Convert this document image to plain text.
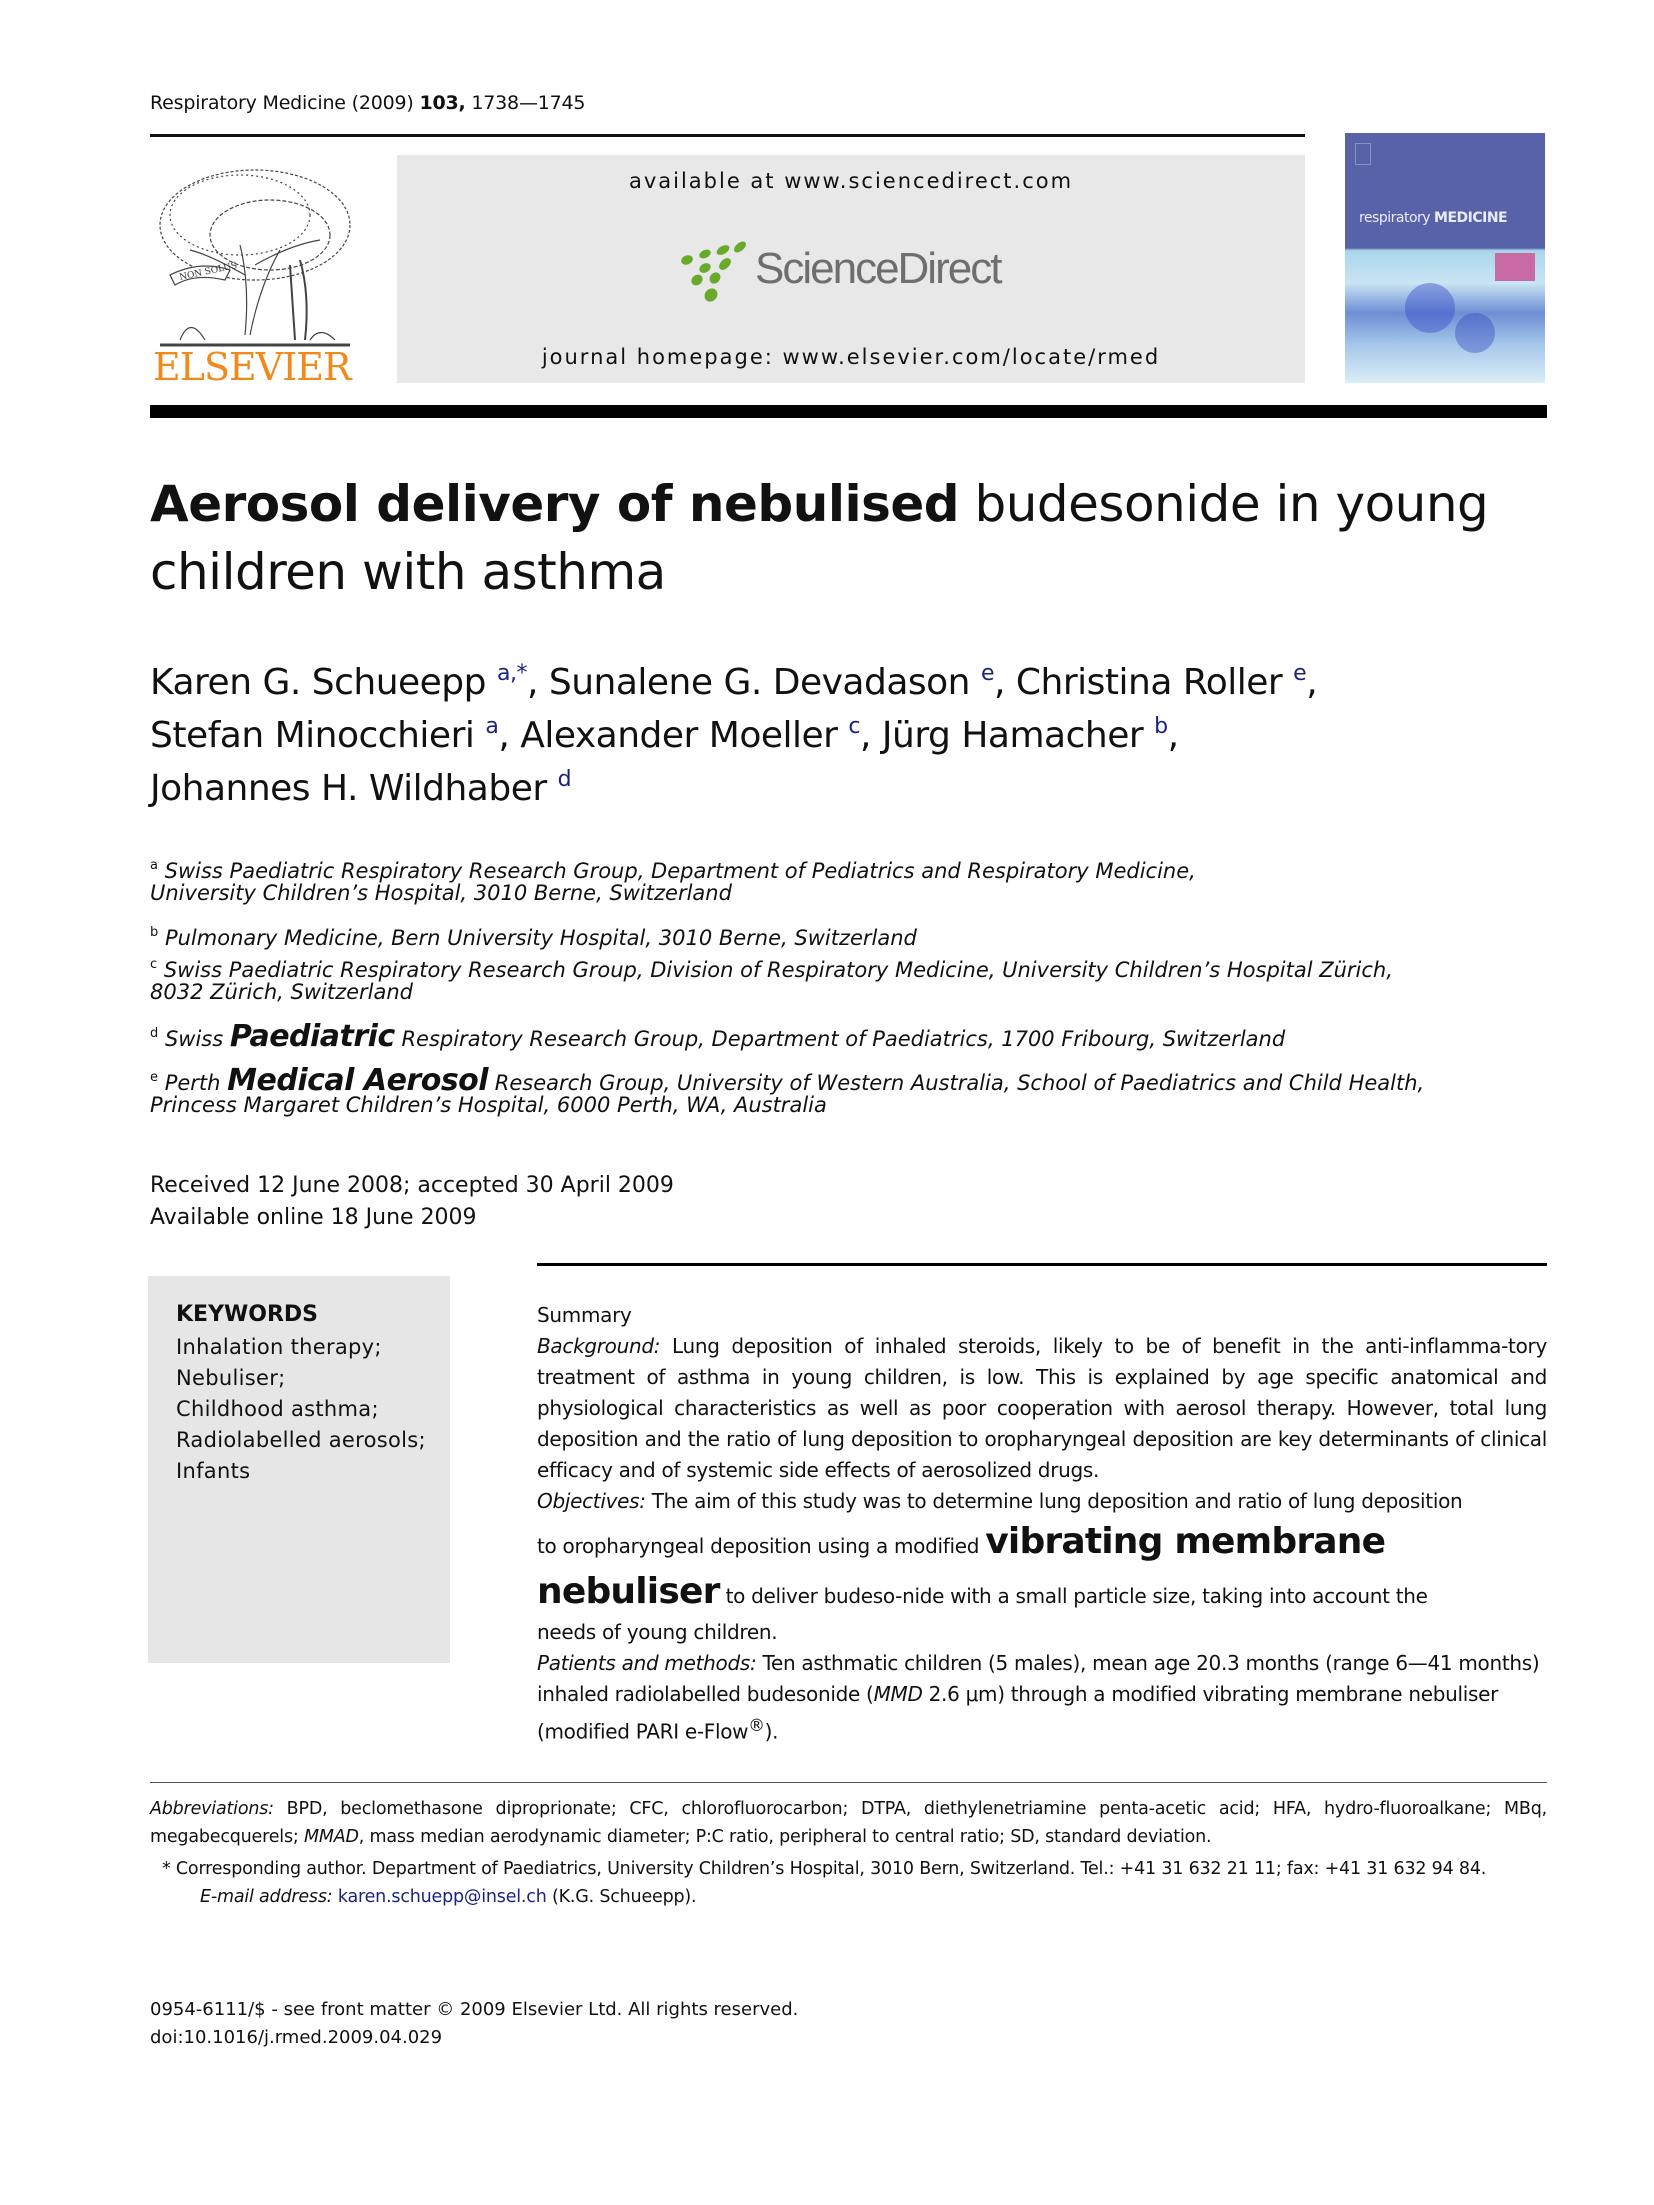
Respiratory Medicine (2009) 103, 1738—1745
NON SOLUS
ELSEVIER
available at www.sciencedirect.com
ScienceDirect
journal homepage: www.elsevier.com/locate/rmed
respiratory MEDICINE
Aerosol delivery of nebulised budesonide in young
children with asthma
Karen G. Schueepp $^{a,*}$, Sunalene G. Devadason $^e$, Christina Roller $^e$,
Stefan Minocchieri $^a$, Alexander Moeller $^c$, Jürg Hamacher $^b$,
Johannes H. Wildhaber $^d$
$^a$ Swiss Paediatric Respiratory Research Group, Department of Pediatrics and Respiratory Medicine,
University Children’s Hospital, 3010 Berne, Switzerland
$^b$ Pulmonary Medicine, Bern University Hospital, 3010 Berne, Switzerland
$^c$ Swiss Paediatric Respiratory Research Group, Division of Respiratory Medicine, University Children’s Hospital Zürich,
8032 Zürich, Switzerland
$^d$ Swiss Paediatric Respiratory Research Group, Department of Paediatrics, 1700 Fribourg, Switzerland
$^e$ Perth Medical Aerosol Research Group, University of Western Australia, School of Paediatrics and Child Health,
Princess Margaret Children’s Hospital, 6000 Perth, WA, Australia
Received 12 June 2008; accepted 30 April 2009
Available online 18 June 2009
KEYWORDS
Inhalation therapy;
Nebuliser;
Childhood asthma;
Radiolabelled aerosols;
Infants

Summary

Background: Lung deposition of inhaled steroids, likely to be of benefit in the anti-inflamma-tory treatment of asthma in young children, is low. This is explained by age specific anatomical and physiological characteristics as well as poor cooperation with aerosol therapy. However, total lung deposition and the ratio of lung deposition to oropharyngeal deposition are key determinants of clinical efficacy and of systemic side effects of aerosolized drugs.

Objectives: The aim of this study was to determine lung deposition and ratio of lung deposition
to oropharyngeal deposition using a modified vibrating membrane
nebuliser to deliver budeso-nide with a small particle size, taking into account the
needs of young children.

Patients and methods: Ten asthmatic children (5 males), mean age 20.3 months (range 6—41 months) inhaled radiolabelled budesonide (MMD 2.6 μm) through a modified vibrating membrane nebuliser (modified PARI e-Flow®).

Abbreviations: BPD, beclomethasone diproprionate; CFC, chlorofluorocarbon; DTPA, diethylenetriamine penta-acetic acid; HFA, hydro-fluoroalkane; MBq, megabecquerels; MMAD, mass median aerodynamic diameter; P:C ratio, peripheral to central ratio; SD, standard deviation.

* Corresponding author. Department of Paediatrics, University Children’s Hospital, 3010 Bern, Switzerland. Tel.: +41 31 632 21 11; fax: +41 31 632 94 84.

E-mail address: karen.schuepp@insel.ch (K.G. Schueepp).

0954-6111/$ - see front matter © 2009 Elsevier Ltd. All rights reserved.
doi:10.1016/j.rmed.2009.04.029
